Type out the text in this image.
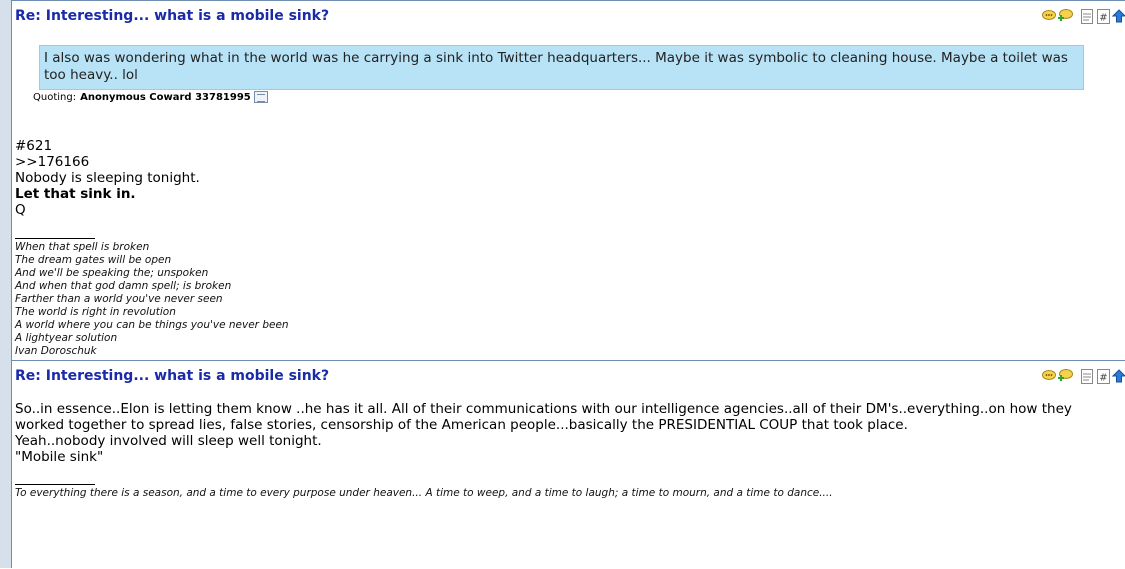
Re: Interesting... what is a mobile sink?	#
I also was wondering what in the world was he carrying a sink into Twitter headquarters... Maybe it was symbolic to cleaning house. Maybe a toilet was too heavy.. lol
Quoting: Anonymous Coward 33781995
#621
>>176166
Nobody is sleeping tonight.
Let that sink in.
Q
When that spell is broken
The dream gates will be open
And we'll be speaking the; unspoken
And when that god damn spell; is broken
Farther than a world you've never seen
The world is right in revolution
A world where you can be things you've never been
A lightyear solution
Ivan Doroschuk
Re: Interesting... what is a mobile sink?	#
So..in essence..Elon is letting them know ..he has it all. All of their communications with our intelligence agencies..all of their DM's..everything..on how they worked together to spread lies, false stories, censorship of the American people...basically the PRESIDENTIAL COUP that took place.
Yeah..nobody involved will sleep well tonight.
"Mobile sink"
To everything there is a season, and a time to every purpose under heaven... A time to weep, and a time to laugh; a time to mourn, and a time to dance....
